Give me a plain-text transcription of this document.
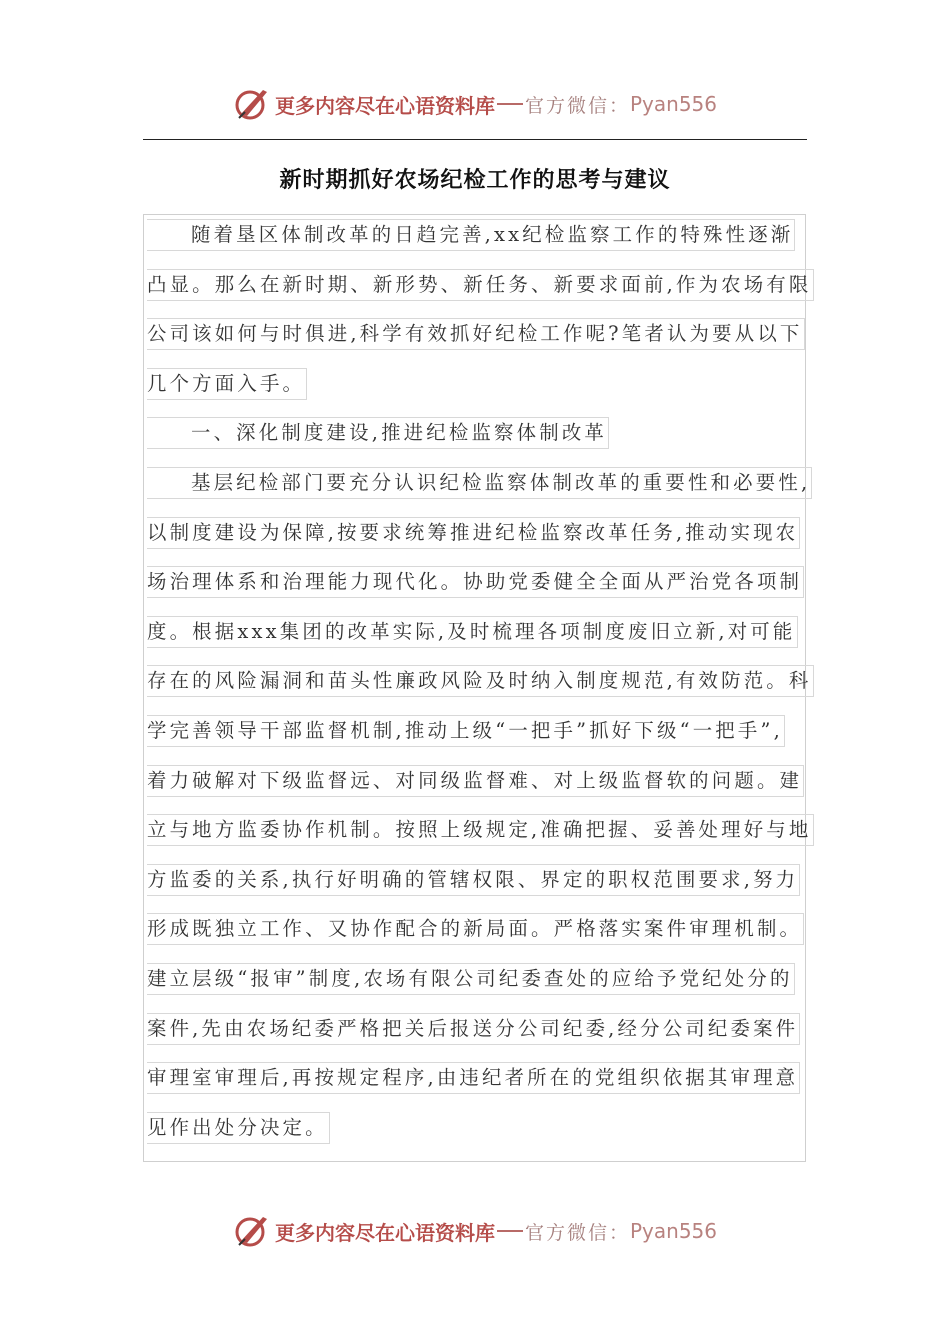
更多内容尽在心语资料库 官方微信： Pyan556
新时期抓好农场纪检工作的思考与建议
随着垦区体制改革的日趋完善,xx纪检监察工作的特殊性逐渐
凸显。那么在新时期、新形势、新任务、新要求面前,作为农场有限
公司该如何与时俱进,科学有效抓好纪检工作呢?笔者认为要从以下
几个方面入手。
一、深化制度建设,推进纪检监察体制改革
基层纪检部门要充分认识纪检监察体制改革的重要性和必要性,
以制度建设为保障,按要求统筹推进纪检监察改革任务,推动实现农
场治理体系和治理能力现代化。协助党委健全全面从严治党各项制
度。根据xxx集团的改革实际,及时梳理各项制度废旧立新,对可能
存在的风险漏洞和苗头性廉政风险及时纳入制度规范,有效防范。科
学完善领导干部监督机制,推动上级“一把手”抓好下级“一把手”,
着力破解对下级监督远、对同级监督难、对上级监督软的问题。建
立与地方监委协作机制。按照上级规定,准确把握、妥善处理好与地
方监委的关系,执行好明确的管辖权限、界定的职权范围要求,努力
形成既独立工作、又协作配合的新局面。严格落实案件审理机制。
建立层级“报审”制度,农场有限公司纪委查处的应给予党纪处分的
案件,先由农场纪委严格把关后报送分公司纪委,经分公司纪委案件
审理室审理后,再按规定程序,由违纪者所在的党组织依据其审理意
见作出处分决定。
更多内容尽在心语资料库 官方微信： Pyan556
